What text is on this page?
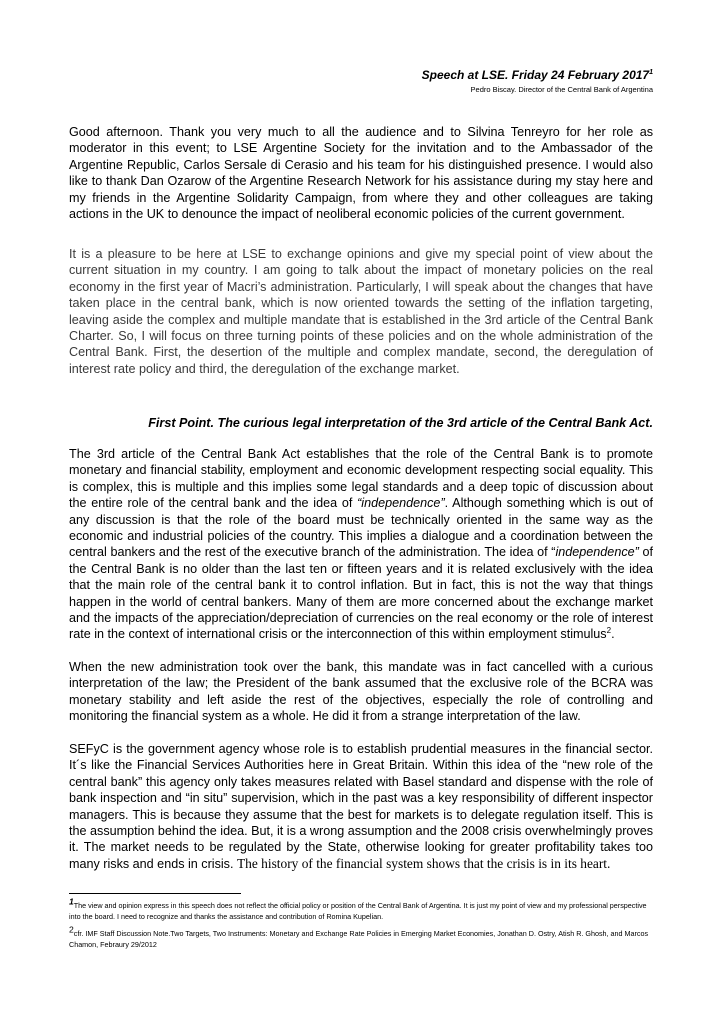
Speech at LSE. Friday 24 February 2017$^1$
Pedro Biscay. Director of the Central Bank of Argentina

Good afternoon. Thank you very much to all the audience and to Silvina Tenreyro for her role as moderator in this event; to LSE Argentine Society for the invitation and to the Ambassador of the Argentine Republic, Carlos Sersale di Cerasio and his team for his distinguished presence. I would also like to thank Dan Ozarow of the Argentine Research Network for his assistance during my stay here and my friends in the Argentine Solidarity Campaign, from where they and other colleagues are taking actions in the UK to denounce the impact of neoliberal economic policies of the current government.

It is a pleasure to be here at LSE to exchange opinions and give my special point of view about the current situation in my country. I am going to talk about the impact of monetary policies on the real economy in the first year of Macri’s administration. Particularly, I will speak about the changes that have taken place in the central bank, which is now oriented towards the setting of the inflation targeting, leaving aside the complex and multiple mandate that is established in the 3rd article of the Central Bank Charter. So, I will focus on three turning points of these policies and on the whole administration of the Central Bank. First, the desertion of the multiple and complex mandate, second, the deregulation of interest rate policy and third, the deregulation of the exchange market.

First Point. The curious legal interpretation of the 3rd article of the Central Bank Act.

The 3rd article of the Central Bank Act establishes that the role of the Central Bank is to promote monetary and financial stability, employment and economic development respecting social equality. This is complex, this is multiple and this implies some legal standards and a deep topic of discussion about the entire role of the central bank and the idea of “independence”. Although something which is out of any discussion is that the role of the board must be technically oriented in the same way as the economic and industrial policies of the country. This implies a dialogue and a coordination between the central bankers and the rest of the executive branch of the administration. The idea of “independence” of the Central Bank is no older than the last ten or fifteen years and it is related exclusively with the idea that the main role of the central bank it to control inflation. But in fact, this is not the way that things happen in the world of central bankers. Many of them are more concerned about the exchange market and the impacts of the appreciation/depreciation of currencies on the real economy or the role of interest rate in the context of international crisis or the interconnection of this within employment stimulus$^2$.

When the new administration took over the bank, this mandate was in fact cancelled with a curious interpretation of the law; the President of the bank assumed that the exclusive role of the BCRA was monetary stability and left aside the rest of the objectives, especially the role of controlling and monitoring the financial system as a whole. He did it from a strange interpretation of the law.

SEFyC is the government agency whose role is to establish prudential measures in the financial sector. It´s like the Financial Services Authorities here in Great Britain. Within this idea of the “new role of the central bank” this agency only takes measures related with Basel standard and dispense with the role of bank inspection and “in situ” supervision, which in the past was a key responsibility of different inspector managers. This is because they assume that the best for markets is to delegate regulation itself. This is the assumption behind the idea. But, it is a wrong assumption and the 2008 crisis overwhelmingly proves it. The market needs to be regulated by the State, otherwise looking for greater profitability takes too many risks and ends in crisis. The history of the financial system shows that the crisis is in its heart.

1The view and opinion express in this speech does not reflect the official policy or position of the Central Bank of Argentina. It is just my point of view and my professional perspective into the board. I need to recognize and thanks the assistance and contribution of Romina Kupelian.

2cfr. IMF Staff Discussion Note.Two Targets, Two Instruments: Monetary and Exchange Rate Policies in Emerging Market Economies, Jonathan D. Ostry, Atish R. Ghosh, and Marcos Chamon, Febraury 29/2012
